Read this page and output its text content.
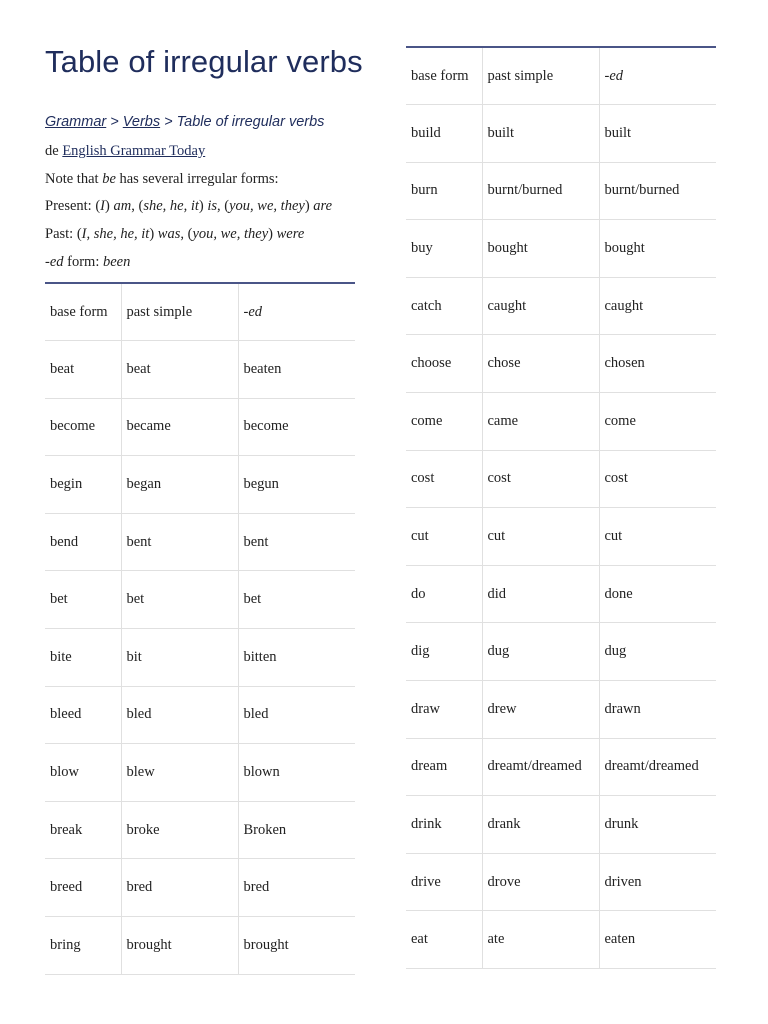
Table of irregular verbs
Grammar > Verbs > Table of irregular verbs
de English Grammar Today
Note that be has several irregular forms:
Present: (I) am, (she, he, it) is, (you, we, they) are
Past: (I, she, he, it) was, (you, we, they) were
-ed form: been
base form	past simple	-ed
beat	beat	beaten
become	became	become
begin	began	begun
bend	bent	bent
bet	bet	bet
bite	bit	bitten
bleed	bled	bled
blow	blew	blown
break	broke	Broken
breed	bred	bred
bring	brought	brought
base form	past simple	-ed
build	built	built
burn	burnt/burned	burnt/burned
buy	bought	bought
catch	caught	caught
choose	chose	chosen
come	came	come
cost	cost	cost
cut	cut	cut
do	did	done
dig	dug	dug
draw	drew	drawn
dream	dreamt/dreamed	dreamt/dreamed
drink	drank	drunk
drive	drove	driven
eat	ate	eaten
